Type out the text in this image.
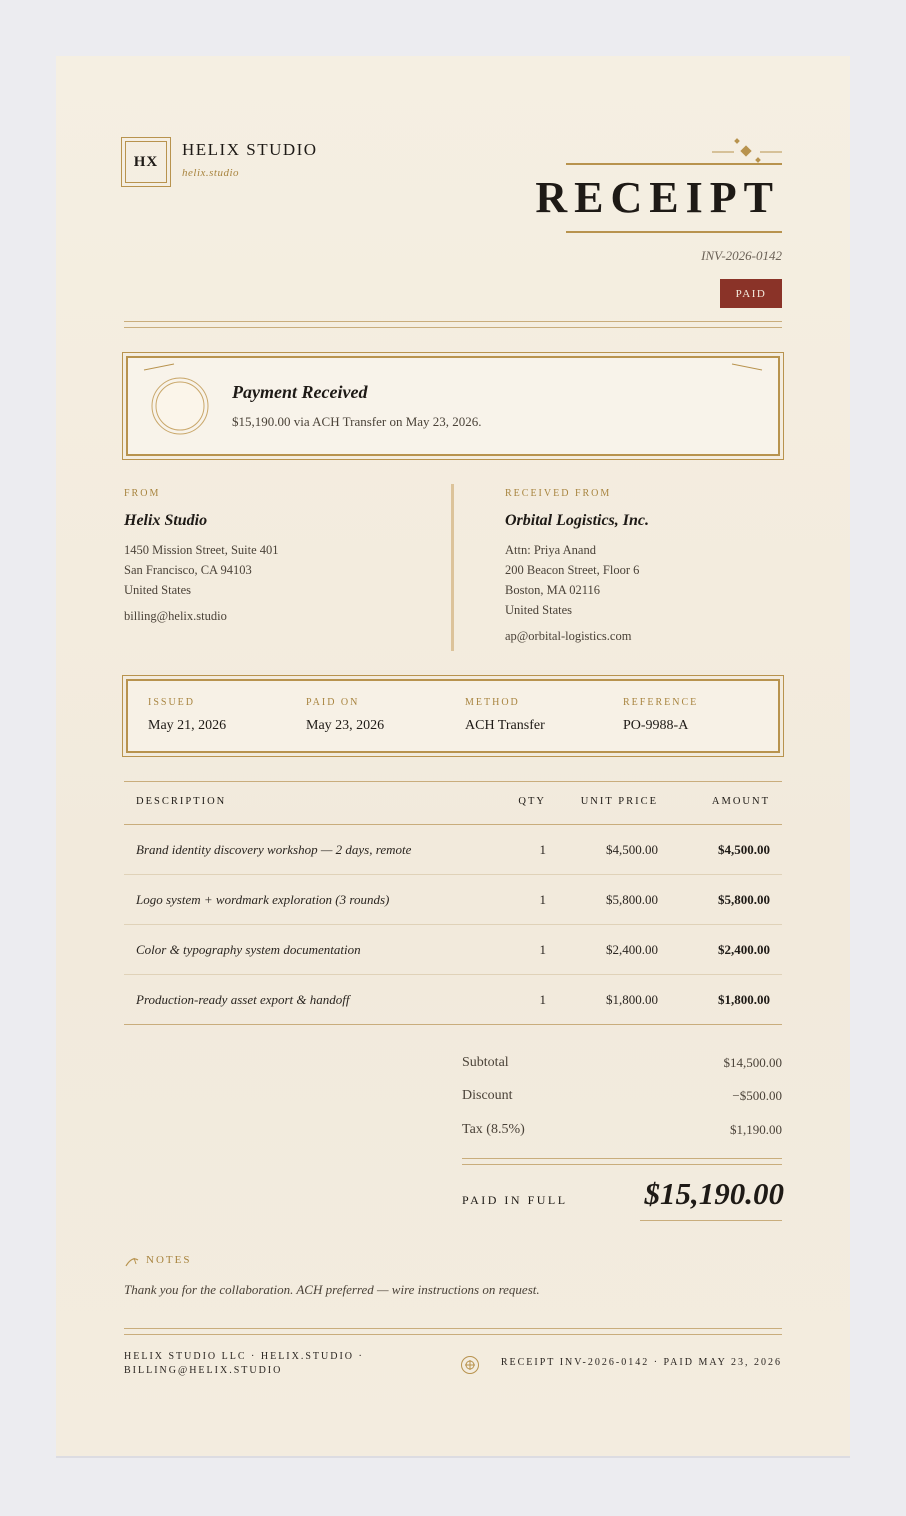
HX
HELIX STUDIO
helix.studio	RECEIPT
INV-2026-0142
PAID
Payment Received
$15,190.00 via ACH Transfer on May 23, 2026.
FROM
Helix Studio
1450 Mission Street, Suite 401
San Francisco, CA 94103
United States
billing@helix.studio
RECEIVED FROM
Orbital Logistics, Inc.
Attn: Priya Anand
200 Beacon Street, Floor 6
Boston, MA 02116
United States
ap@orbital-logistics.com
ISSUED
May 21, 2026
PAID ON
May 23, 2026
METHOD
ACH Transfer
REFERENCE
PO-9988-A
DESCRIPTION	QTY	UNIT PRICE	AMOUNT
Brand identity discovery workshop — 2 days, remote	1	$4,500.00	$4,500.00
Logo system + wordmark exploration (3 rounds)	1	$5,800.00	$5,800.00
Color & typography system documentation	1	$2,400.00	$2,400.00
Production-ready asset export & handoff	1	$1,800.00	$1,800.00
Subtotal	$14,500.00
Discount	−$500.00
Tax (8.5%)	$1,190.00
PAID IN FULL $15,190.00
NOTES
Thank you for the collaboration. ACH preferred — wire instructions on request.
HELIX STUDIO LLC · HELIX.STUDIO · BILLING@HELIX.STUDIO
RECEIPT INV-2026-0142 · PAID MAY 23, 2026
